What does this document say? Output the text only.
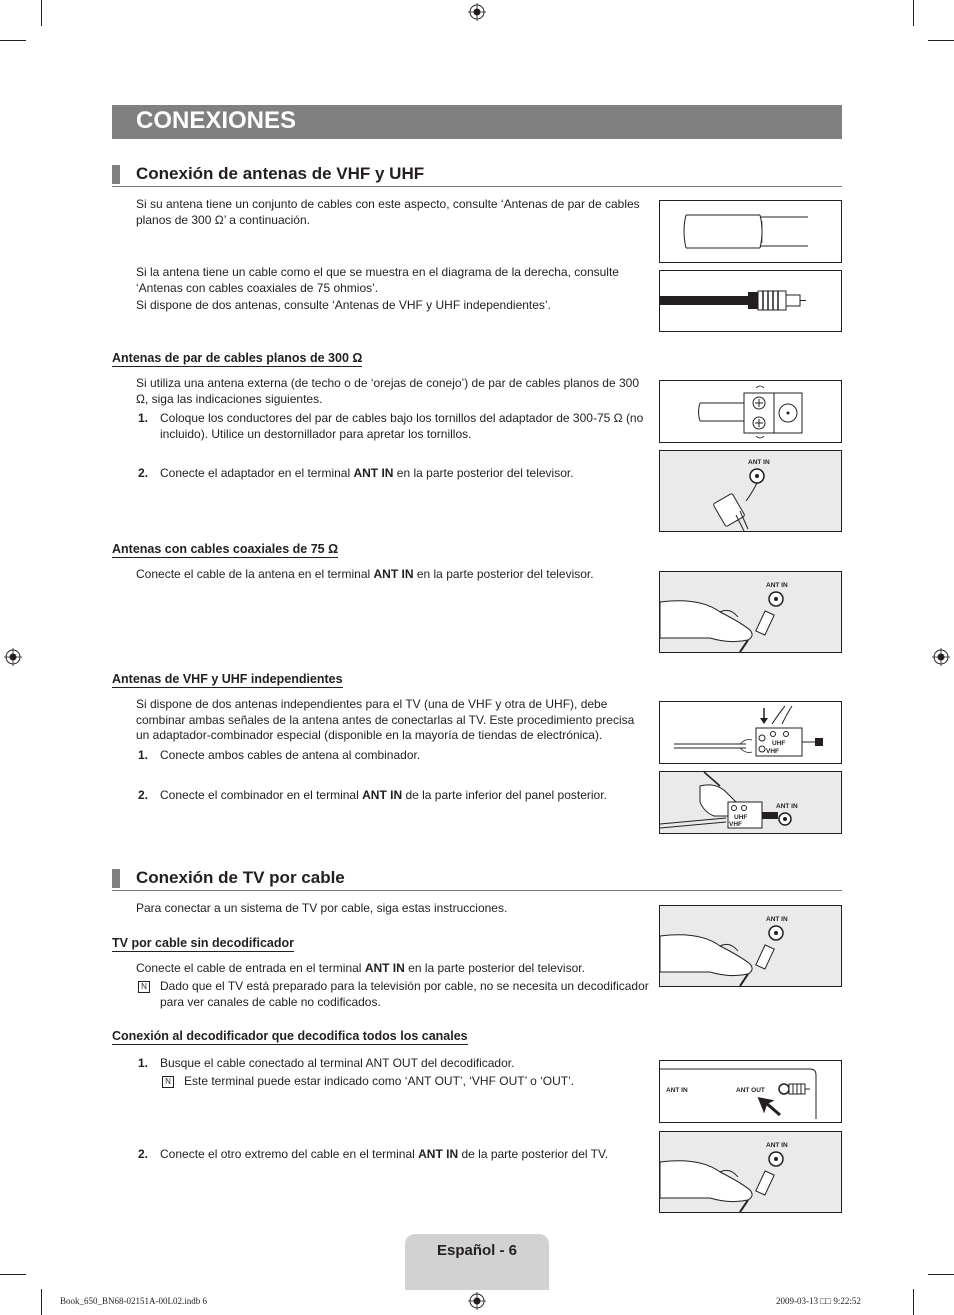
CONEXIONES
Conexión de antenas de VHF y UHF
Si su antena tiene un conjunto de cables con este aspecto, consulte ‘Antenas de par de cables planos de 300 Ω’ a continuación.
Si la antena tiene un cable como el que se muestra en el diagrama de la derecha, consulte ‘Antenas con cables coaxiales de 75 ohmios’.
Si dispone de dos antenas, consulte ‘Antenas de VHF y UHF independientes’.
Antenas de par de cables planos de 300 Ω
Si utiliza una antena externa (de techo o de ‘orejas de conejo’) de par de cables planos de 300 Ω, siga las indicaciones siguientes.
1. Coloque los conductores del par de cables bajo los tornillos del adaptador de 300-75 Ω (no incluido). Utilice un destornillador para apretar los tornillos.
2. Conecte el adaptador en el terminal ANT IN en la parte posterior del televisor.
ANT IN
Antenas con cables coaxiales de 75 Ω
Conecte el cable de la antena en el terminal ANT IN en la parte posterior del televisor.
ANT IN
Antenas de VHF y UHF independientes
Si dispone de dos antenas independientes para el TV (una de VHF y otra de UHF), debe combinar ambas señales de la antena antes de conectarlas al TV. Este procedimiento precisa un adaptador-combinador especial (disponible en la mayoría de tiendas de electrónica).
1. Conecte ambos cables de antena al combinador.
2. Conecte el combinador en el terminal ANT IN de la parte inferior del panel posterior.
UHF
VHF
UHF
VHF
ANT IN
Conexión de TV por cable
Para conectar a un sistema de TV por cable, siga estas instrucciones.
TV por cable sin decodificador
Conecte el cable de entrada en el terminal ANT IN en la parte posterior del televisor.
N Dado que el TV está preparado para la televisión por cable, no se necesita un decodificador para ver canales de cable no codificados.
ANT IN
Conexión al decodificador que decodifica todos los canales
1. Busque el cable conectado al terminal ANT OUT del decodificador.
N Este terminal puede estar indicado como ‘ANT OUT’, ‘VHF OUT’ o ‘OUT’.
2. Conecte el otro extremo del cable en el terminal ANT IN de la parte posterior del TV.
ANT IN	ANT OUT
ANT IN
Español - 6
Book_650_BN68-02151A-00L02.indb 6	2009-03-13 □□ 9:22:52
